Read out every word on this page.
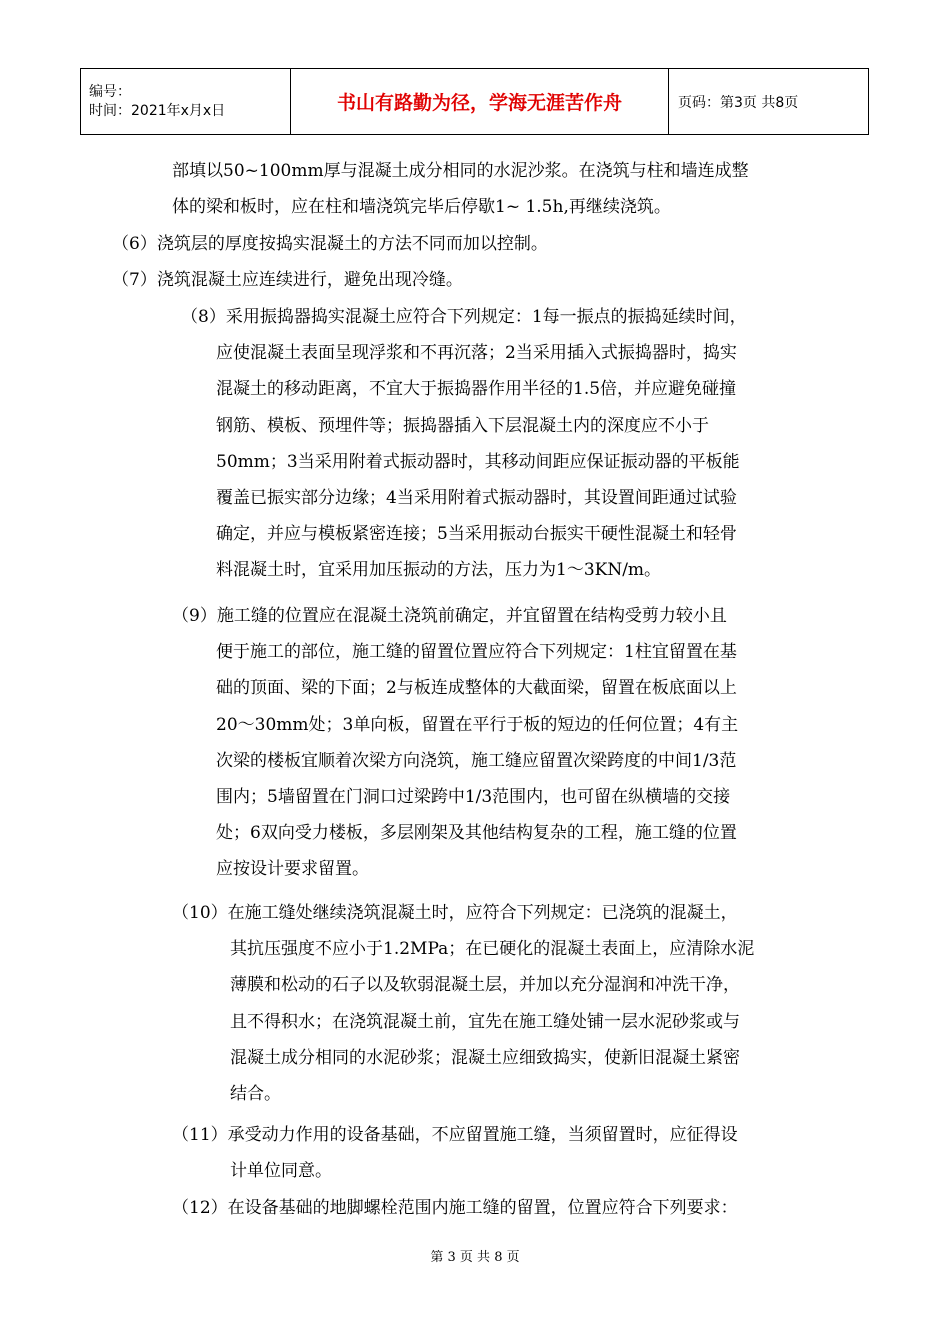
编号：
时间：2021年x月x日	书山有路勤为径，学海无涯苦作舟	页码：第3页 共8页
部填以50~100mm厚与混凝土成分相同的水泥沙浆。在浇筑与柱和墙连成整
体的梁和板时，应在柱和墙浇筑完毕后停歇1~ 1.5h,再继续浇筑。
（6）浇筑层的厚度按捣实混凝土的方法不同而加以控制。
（7）浇筑混凝土应连续进行，避免出现冷缝。
（8）采用振捣器捣实混凝土应符合下列规定：1每一振点的振捣延续时间，
应使混凝土表面呈现浮浆和不再沉落；2当采用插入式振捣器时，捣实
混凝土的移动距离，不宜大于振捣器作用半径的1.5倍，并应避免碰撞
钢筋、模板、预埋件等；振捣器插入下层混凝土内的深度应不小于
50mm；3当采用附着式振动器时，其移动间距应保证振动器的平板能
覆盖已振实部分边缘；4当采用附着式振动器时，其设置间距通过试验
确定，并应与模板紧密连接；5当采用振动台振实干硬性混凝土和轻骨
料混凝土时，宜采用加压振动的方法，压力为1～3KN/m。
（9）施工缝的位置应在混凝土浇筑前确定，并宜留置在结构受剪力较小且
便于施工的部位，施工缝的留置位置应符合下列规定：1柱宜留置在基
础的顶面、梁的下面；2与板连成整体的大截面梁，留置在板底面以上
20～30mm处；3单向板，留置在平行于板的短边的任何位置；4有主
次梁的楼板宜顺着次梁方向浇筑，施工缝应留置次梁跨度的中间1/3范
围内；5墙留置在门洞口过梁跨中1/3范围内，也可留在纵横墙的交接
处；6双向受力楼板，多层刚架及其他结构复杂的工程，施工缝的位置
应按设计要求留置。
（10）在施工缝处继续浇筑混凝土时，应符合下列规定：已浇筑的混凝土，
其抗压强度不应小于1.2MPa；在已硬化的混凝土表面上，应清除水泥
薄膜和松动的石子以及软弱混凝土层，并加以充分湿润和冲洗干净，
且不得积水；在浇筑混凝土前，宜先在施工缝处铺一层水泥砂浆或与
混凝土成分相同的水泥砂浆；混凝土应细致捣实，使新旧混凝土紧密
结合。
（11）承受动力作用的设备基础，不应留置施工缝，当须留置时，应征得设
计单位同意。
（12）在设备基础的地脚螺栓范围内施工缝的留置，位置应符合下列要求：
第 3 页 共 8 页
